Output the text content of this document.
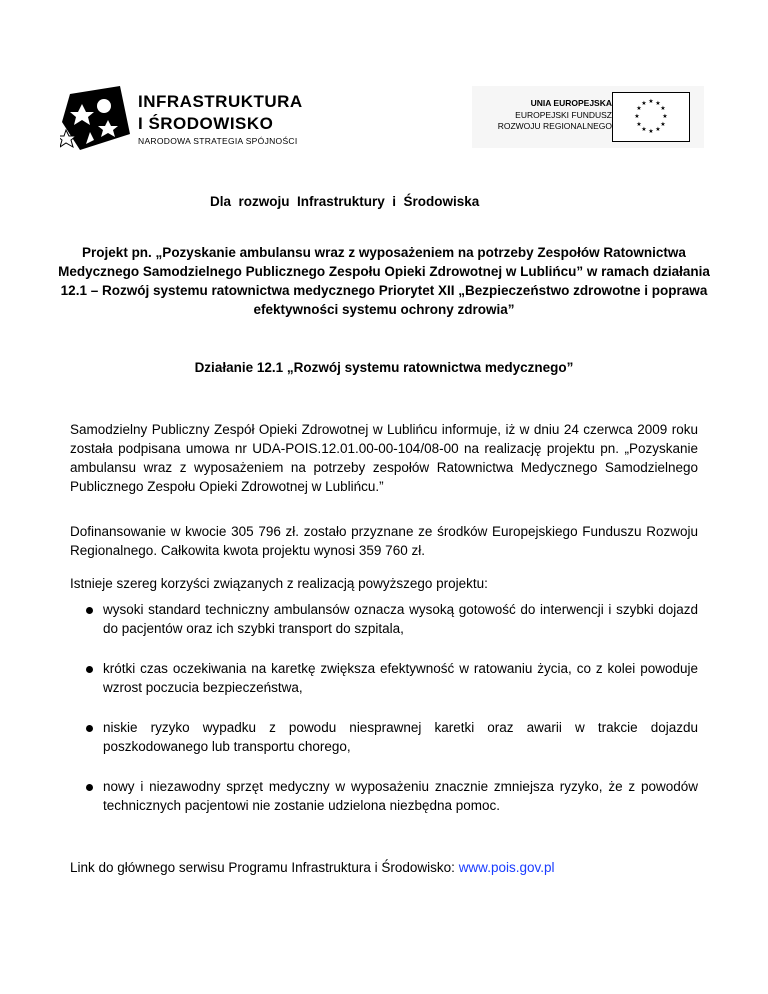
INFRASTRUKTURA
I ŚRODOWISKO
NARODOWA STRATEGIA SPÓJNOŚCI
UNIA EUROPEJSKA
EUROPEJSKI FUNDUSZ
ROZWOJU REGIONALNEGO
★ ★
★
★
★
★
★
★
★
★
★
★
Dla  rozwoju  Infrastruktury  i  Środowiska
Projekt pn. „Pozyskanie ambulansu wraz z wyposażeniem na potrzeby Zespołów Ratownictwa Medycznego Samodzielnego Publicznego Zespołu Opieki Zdrowotnej w Lublińcu” w ramach działania 12.1 – Rozwój systemu ratownictwa medycznego Priorytet XII „Bezpieczeństwo zdrowotne i poprawa efektywności systemu ochrony zdrowia”
Działanie 12.1 „Rozwój systemu ratownictwa medycznego”
Samodzielny Publiczny Zespół Opieki Zdrowotnej w Lublińcu informuje, iż w dniu 24 czerwca 2009 roku została podpisana umowa nr UDA-POIS.12.01.00-00-104/08-00 na realizację projektu pn. „Pozyskanie ambulansu wraz z wyposażeniem na potrzeby zespołów Ratownictwa Medycznego Samodzielnego Publicznego Zespołu Opieki Zdrowotnej w Lublińcu.”
Dofinansowanie w kwocie 305 796 zł. zostało przyznane ze środków Europejskiego Funduszu Rozwoju Regionalnego. Całkowita kwota projektu wynosi 359 760 zł.
Istnieje szereg korzyści związanych z realizacją powyższego projektu:
wysoki standard techniczny ambulansów oznacza wysoką gotowość do interwencji i szybki dojazd do pacjentów oraz ich szybki transport do szpitala,
krótki czas oczekiwania na karetkę zwiększa efektywność w ratowaniu życia, co z kolei powoduje wzrost poczucia bezpieczeństwa,
niskie ryzyko wypadku z powodu niesprawnej karetki oraz awarii w trakcie dojazdu poszkodowanego lub transportu chorego,
nowy i niezawodny sprzęt medyczny w wyposażeniu znacznie zmniejsza ryzyko, że z powodów technicznych pacjentowi nie zostanie udzielona niezbędna pomoc.
Link do głównego serwisu Programu Infrastruktura i Środowisko: www.pois.gov.pl
